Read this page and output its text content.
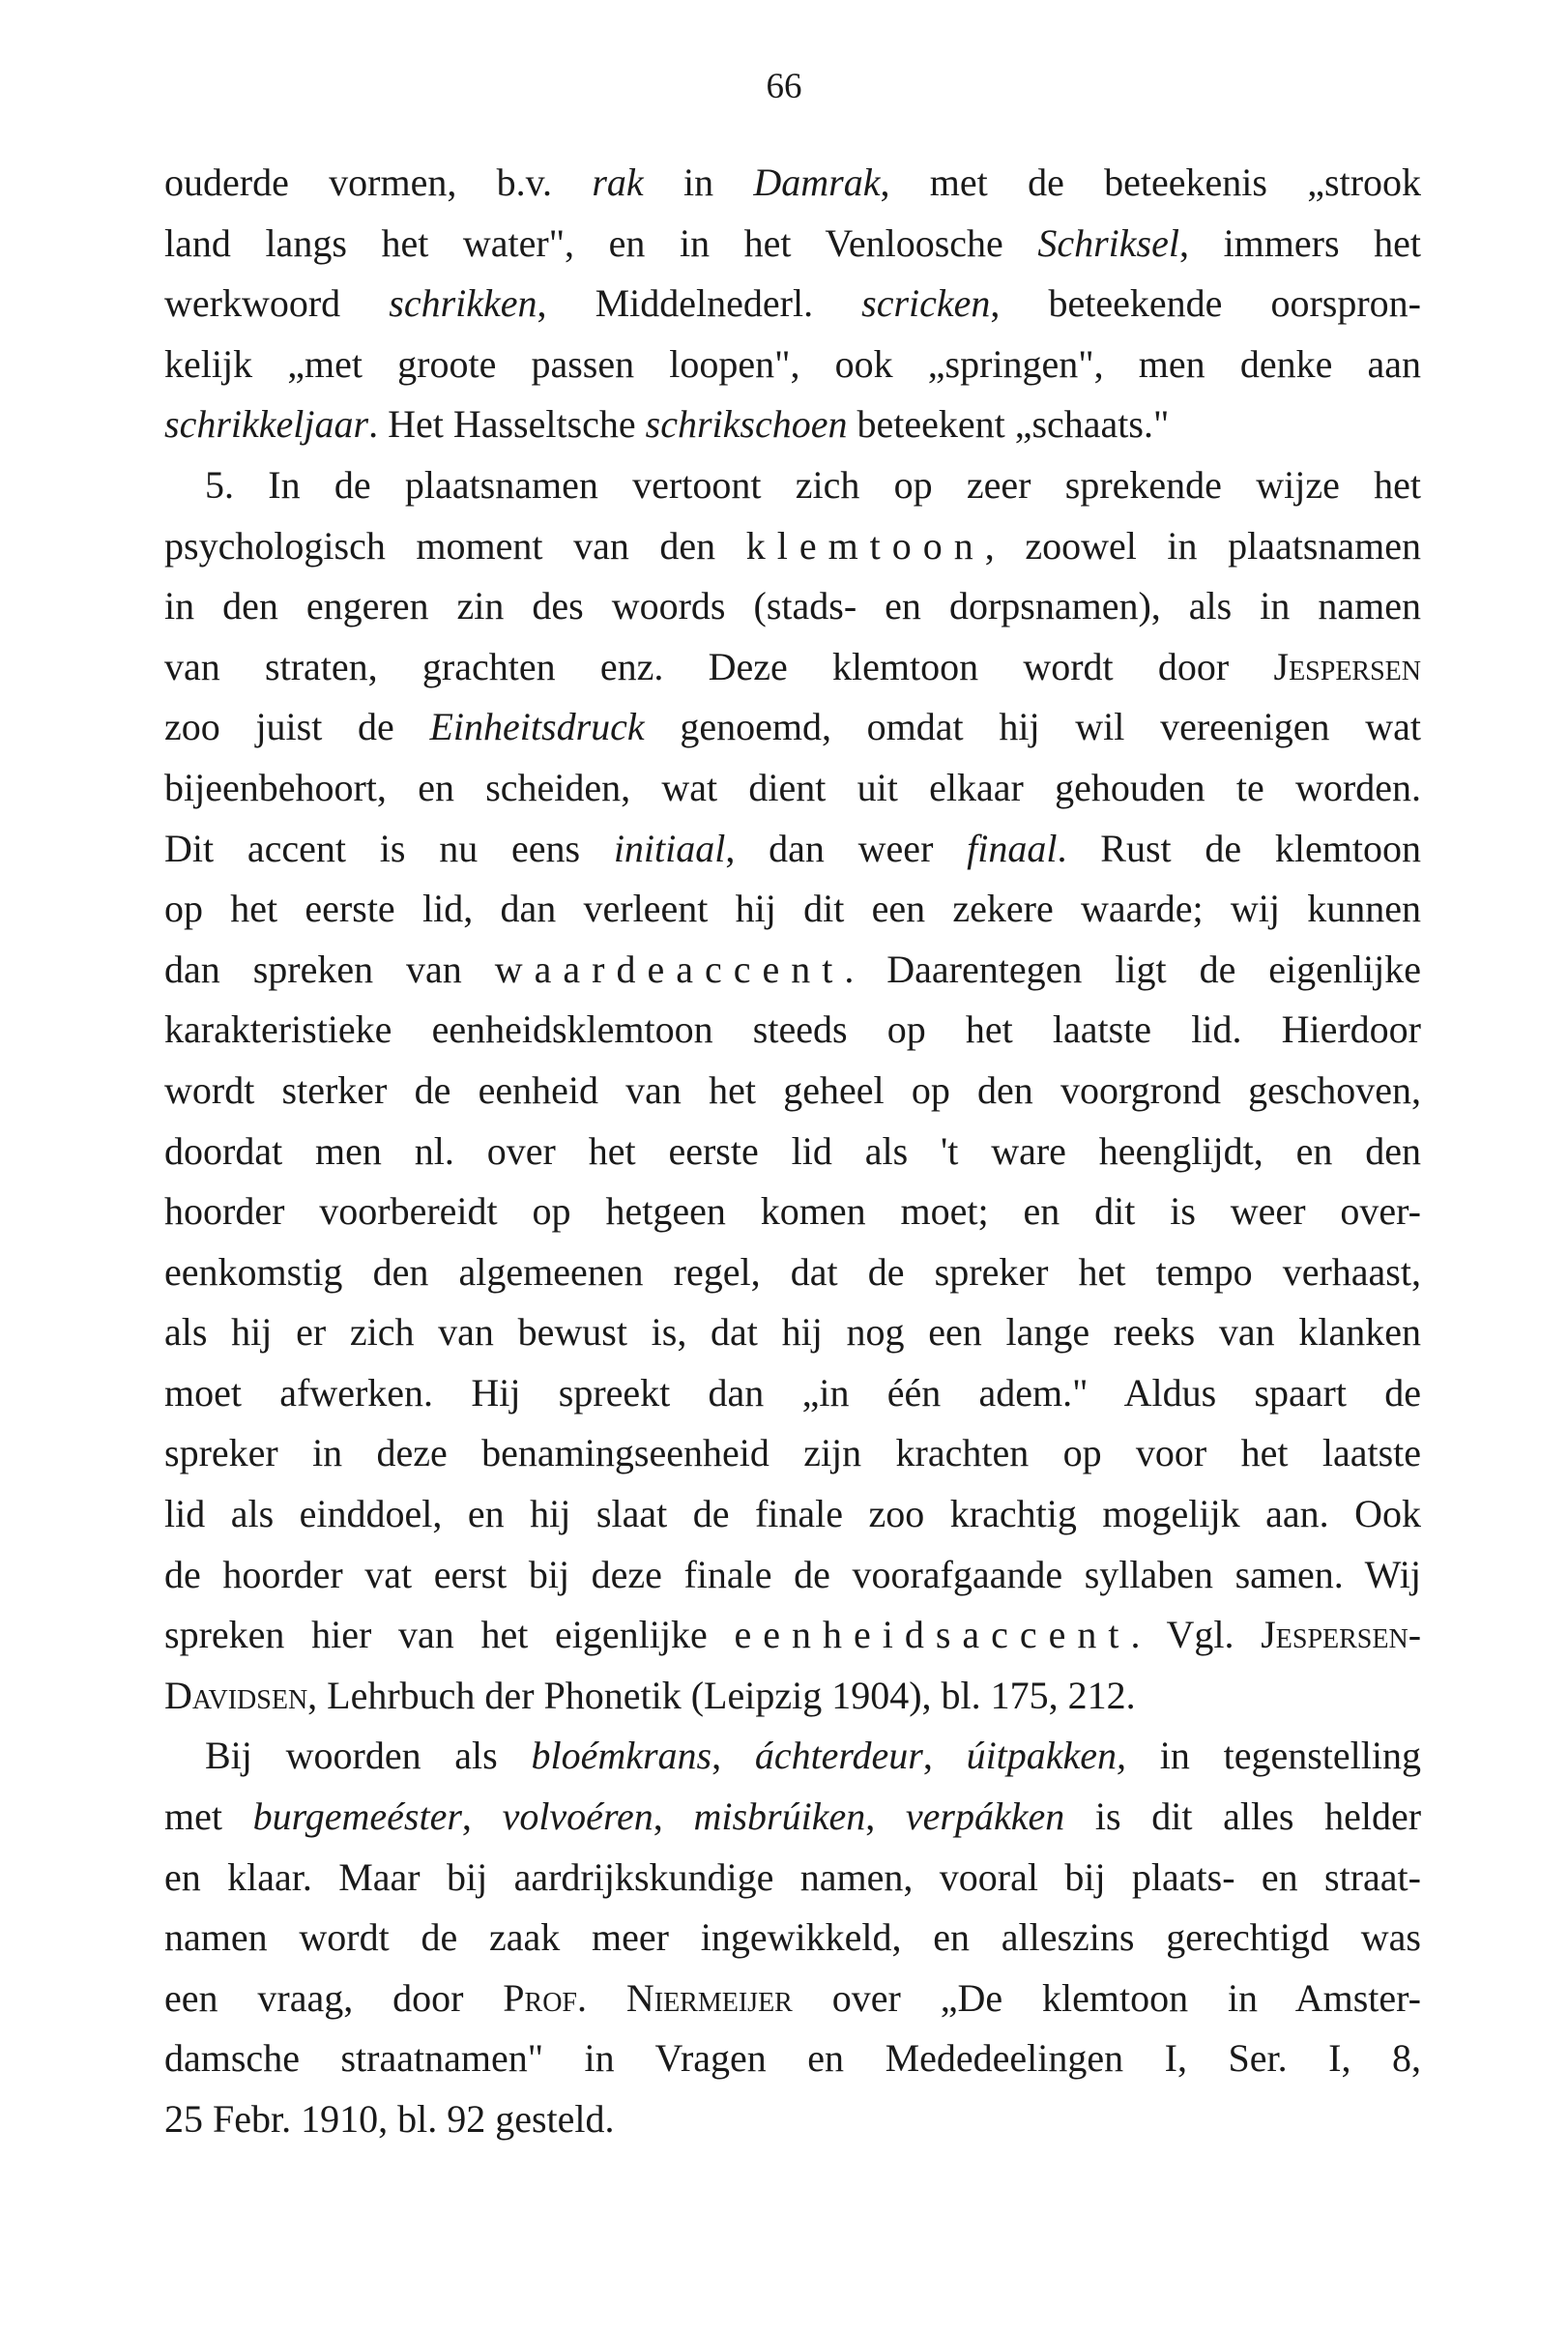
66
ouderde vormen, b.v. rak in Damrak, met de beteekenis „strook
land langs het water", en in het Venloosche Schriksel, immers het
werkwoord schrikken, Middelnederl. scricken, beteekende oorspron-
kelijk „met groote passen loopen", ook „springen", men denke aan
schrikkeljaar. Het Hasseltsche schrikschoen beteekent „schaats."
5. In de plaatsnamen vertoont zich op zeer sprekende wijze het
psychologisch moment van den klemtoon, zoowel in plaatsnamen
in den engeren zin des woords (stads- en dorpsnamen), als in namen
van straten, grachten enz. Deze klemtoon wordt door Jespersen
zoo juist de Einheitsdruck genoemd, omdat hij wil vereenigen wat
bijeenbehoort, en scheiden, wat dient uit elkaar gehouden te worden.
Dit accent is nu eens initiaal, dan weer finaal. Rust de klemtoon
op het eerste lid, dan verleent hij dit een zekere waarde; wij kunnen
dan spreken van waardeaccent. Daarentegen ligt de eigenlijke
karakteristieke eenheidsklemtoon steeds op het laatste lid. Hierdoor
wordt sterker de eenheid van het geheel op den voorgrond geschoven,
doordat men nl. over het eerste lid als 't ware heenglijdt, en den
hoorder voorbereidt op hetgeen komen moet; en dit is weer over-
eenkomstig den algemeenen regel, dat de spreker het tempo verhaast,
als hij er zich van bewust is, dat hij nog een lange reeks van klanken
moet afwerken. Hij spreekt dan „in één adem." Aldus spaart de
spreker in deze benamingseenheid zijn krachten op voor het laatste
lid als einddoel, en hij slaat de finale zoo krachtig mogelijk aan. Ook
de hoorder vat eerst bij deze finale de voorafgaande syllaben samen. Wij
spreken hier van het eigenlijke eenheidsaccent. Vgl. Jespersen-
Davidsen, Lehrbuch der Phonetik (Leipzig 1904), bl. 175, 212.
Bij woorden als bloémkrans, áchterdeur, úitpakken, in tegenstelling
met burgemeéster, volvoéren, misbrúiken, verpákken is dit alles helder
en klaar. Maar bij aardrijkskundige namen, vooral bij plaats- en straat-
namen wordt de zaak meer ingewikkeld, en alleszins gerechtigd was
een vraag, door Prof. Niermeijer over „De klemtoon in Amster-
damsche straatnamen" in Vragen en Mededeelingen I, Ser. I, 8,
25 Febr. 1910, bl. 92 gesteld.
